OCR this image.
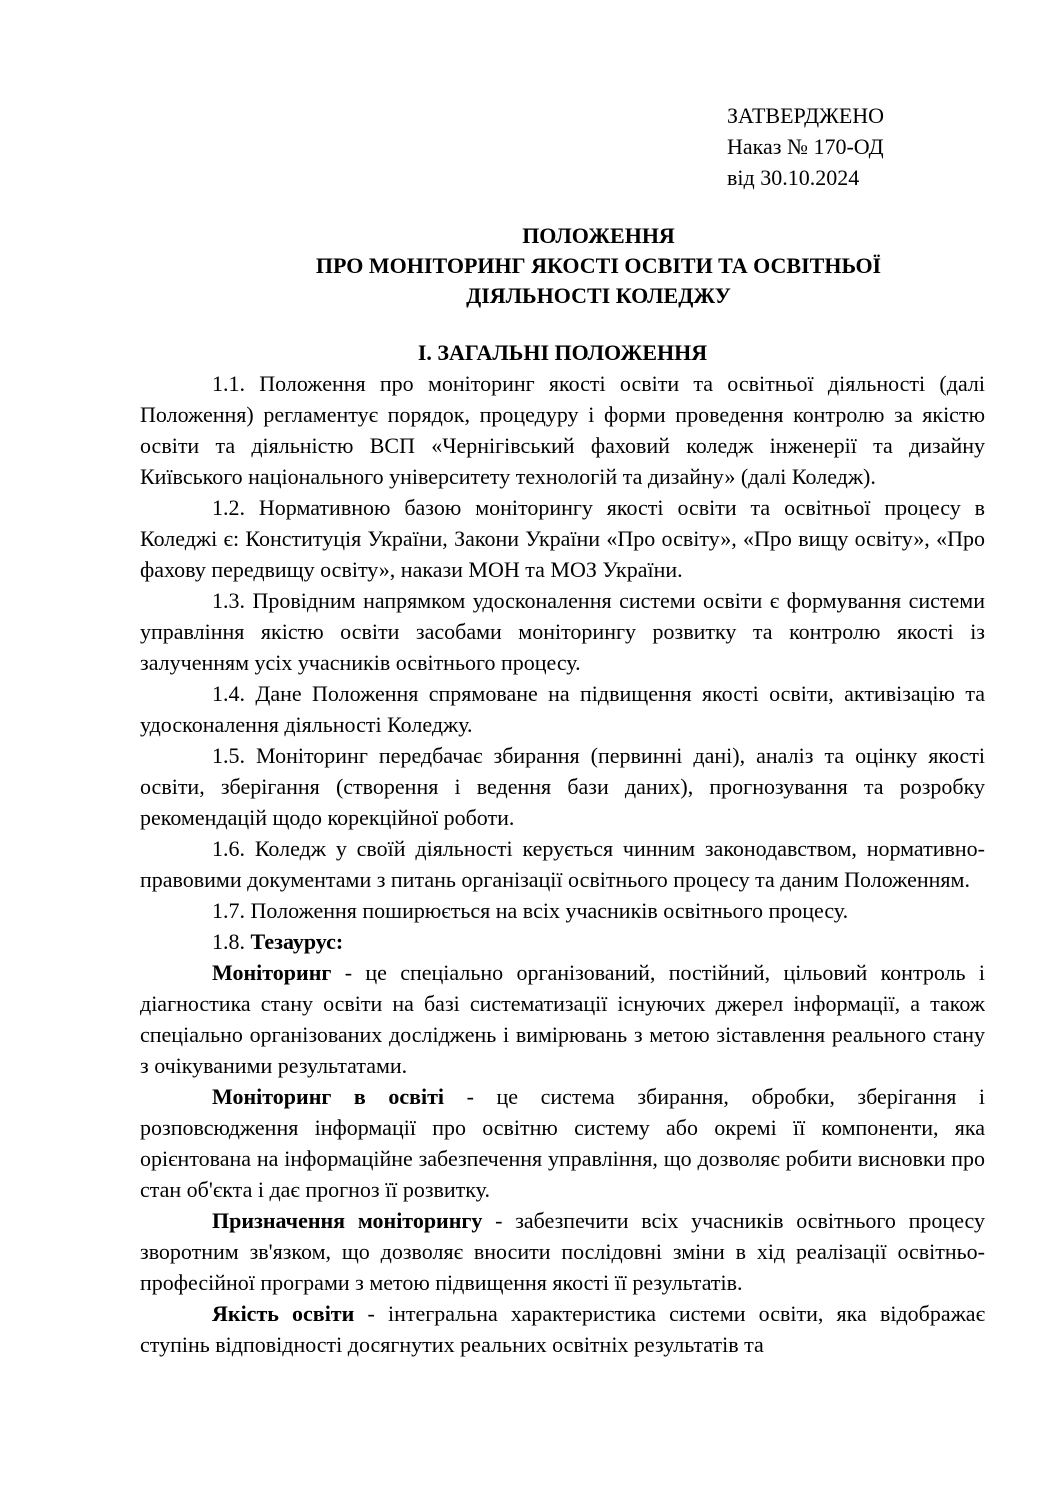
ЗАТВЕРДЖЕНО
Наказ № 170-ОД
від 30.10.2024
ПОЛОЖЕННЯ
ПРО МОНІТОРИНГ ЯКОСТІ ОСВІТИ ТА ОСВІТНЬОЇ
ДІЯЛЬНОСТІ КОЛЕДЖУ
І. ЗАГАЛЬНІ ПОЛОЖЕННЯ

1.1. Положення про моніторинг якості освіти та освітньої діяльності (далі Положення) регламентує порядок, процедуру і форми проведення контролю за якістю освіти та діяльністю ВСП «Чернігівський фаховий коледж інженерії та дизайну Київського національного університету технологій та дизайну» (далі Коледж).

1.2. Нормативною базою моніторингу якості освіти та освітньої процесу в Коледжі є: Конституція України, Закони України «Про освіту», «Про вищу освіту», «Про фахову передвищу освіту», накази МОН та МОЗ України.

1.3. Провідним напрямком удосконалення системи освіти є формування системи управління якістю освіти засобами моніторингу розвитку та контролю якості із залученням усіх учасників освітнього процесу.

1.4. Дане Положення спрямоване на підвищення якості освіти, активізацію та удосконалення діяльності Коледжу.

1.5. Моніторинг передбачає збирання (первинні дані), аналіз та оцінку якості освіти, зберігання (створення і ведення бази даних), прогнозування та розробку рекомендацій щодо корекційної роботи.

1.6. Коледж у своїй діяльності керується чинним законодавством, нормативно-правовими документами з питань організації освітнього процесу та даним Положенням.

1.7. Положення поширюється на всіх учасників освітнього процесу.

1.8. Тезаурус:

Моніторинг - це спеціально організований, постійний, цільовий контроль і діагностика стану освіти на базі систематизації існуючих джерел інформації, а також спеціально організованих досліджень і вимірювань з метою зіставлення реального стану з очікуваними результатами.

Моніторинг в освіті - це система збирання, обробки, зберігання і розповсюдження інформації про освітню систему або окремі її компоненти, яка орієнтована на інформаційне забезпечення управління, що дозволяє робити висновки про стан об'єкта і дає прогноз її розвитку.

Призначення моніторингу - забезпечити всіх учасників освітнього процесу зворотним зв'язком, що дозволяє вносити послідовні зміни в хід реалізації освітньо-професійної програми з метою підвищення якості її результатів.

Якість освіти - інтегральна характеристика системи освіти, яка відображає ступінь відповідності досягнутих реальних освітніх результатів та
